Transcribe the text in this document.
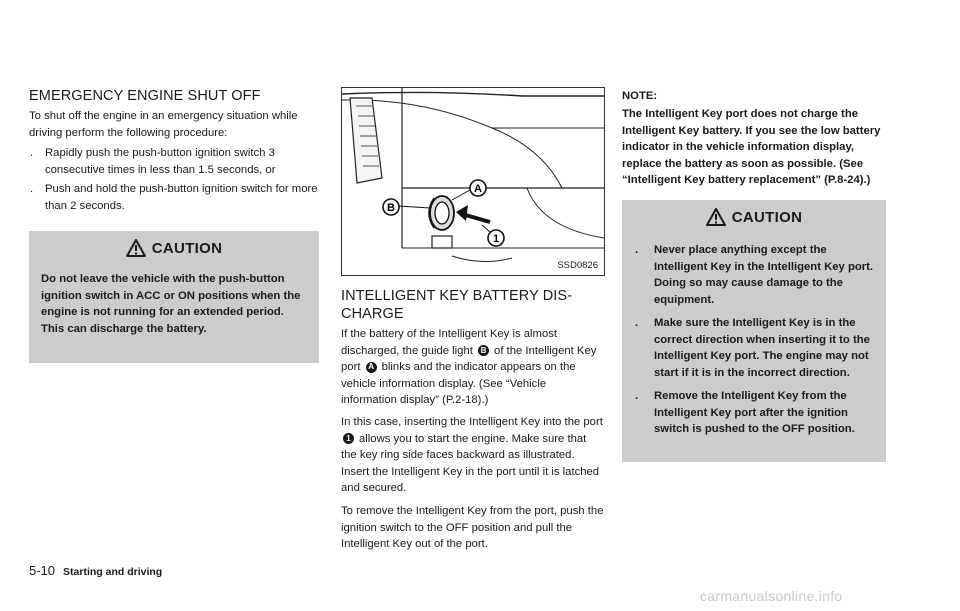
EMERGENCY ENGINE SHUT OFF

To shut off the engine in an emergency situation while driving perform the following procedure:

. Rapidly push the push-button ignition switch 3 consecutive times in less than 1.5 seconds, or
. Push and hold the push-button ignition switch for more than 2 seconds.
CAUTION
Do not leave the vehicle with the push-button ignition switch in ACC or ON positions when the engine is not running for an extended period. This can discharge the battery.
A
B
1
SSD0826
INTELLIGENT KEY BATTERY DIS-CHARGE

If the battery of the Intelligent Key is almost discharged, the guide light B of the Intelligent Key port A blinks and the indicator appears on the vehicle information display. (See “Vehicle information display” (P.2-18).)

In this case, inserting the Intelligent Key into the port 1 allows you to start the engine. Make sure that the key ring side faces backward as illustrated. Insert the Intelligent Key in the port until it is latched and secured.

To remove the Intelligent Key from the port, push the ignition switch to the OFF position and pull the Intelligent Key out of the port.

NOTE:

The Intelligent Key port does not charge the Intelligent Key battery. If you see the low battery indicator in the vehicle information display, replace the battery as soon as possible. (See “Intelligent Key battery replacement” (P.8-24).)

CAUTION
. Never place anything except the Intelligent Key in the Intelligent Key port. Doing so may cause damage to the equipment.
. Make sure the Intelligent Key is in the correct direction when inserting it to the Intelligent Key port. The engine may not start if it is in the incorrect direction.
. Remove the Intelligent Key from the Intelligent Key port after the ignition switch is pushed to the OFF position.
5-10 Starting and driving
carmanualsonline.info
